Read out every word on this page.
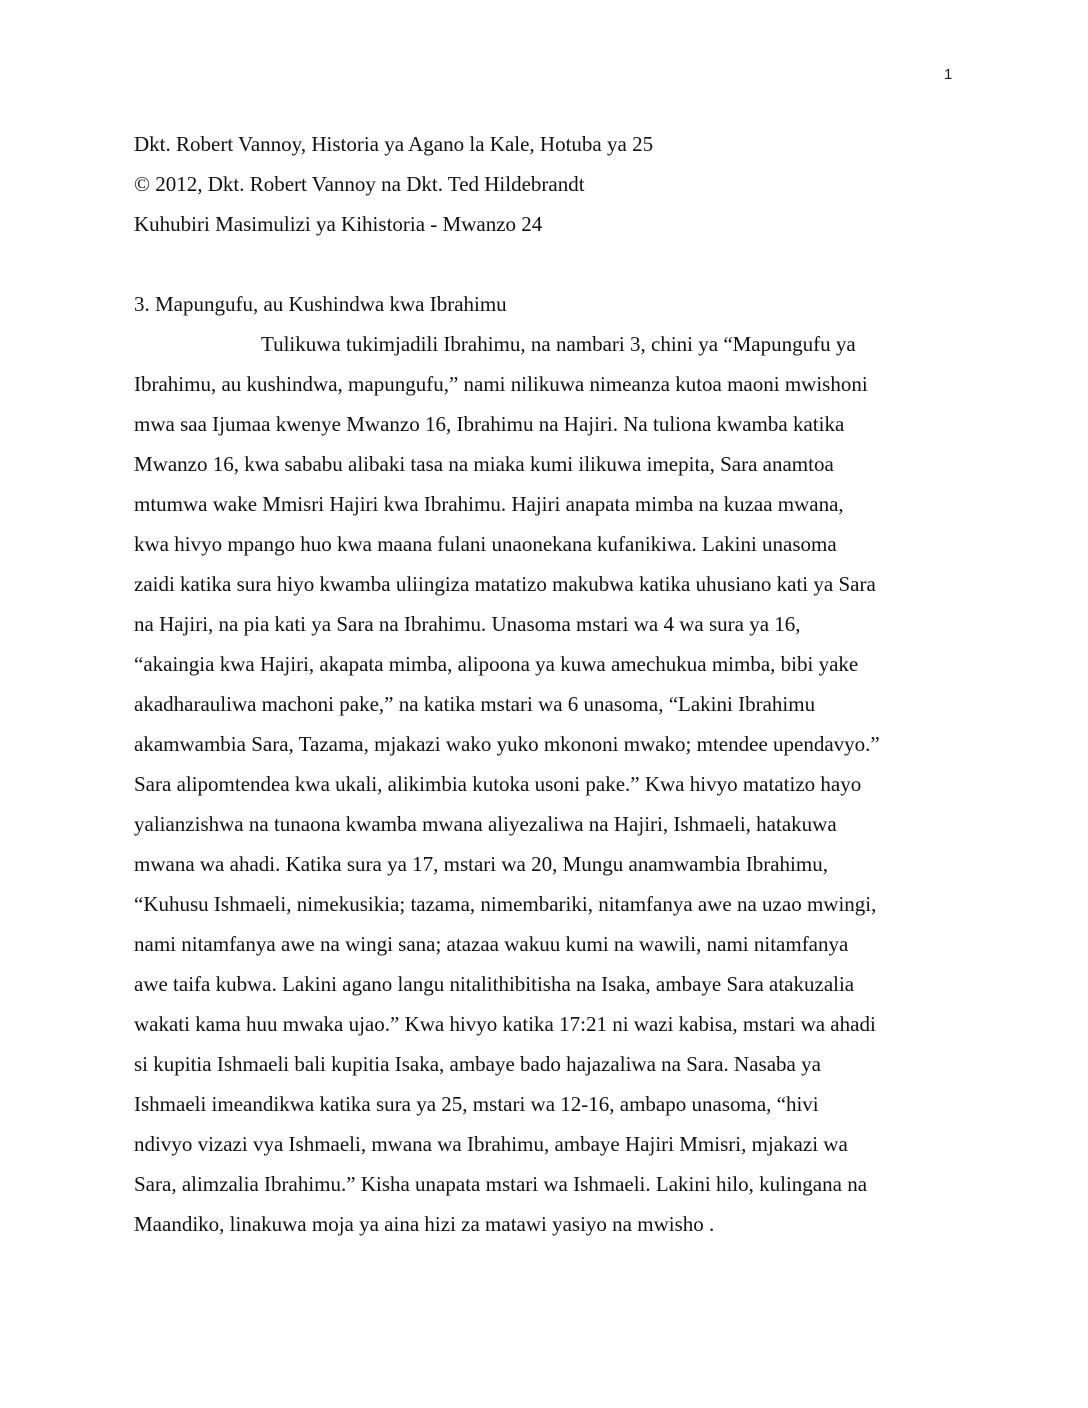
1
Dkt. Robert Vannoy, Historia ya Agano la Kale, Hotuba ya 25
© 2012, Dkt. Robert Vannoy na Dkt. Ted Hildebrandt
Kuhubiri Masimulizi ya Kihistoria - Mwanzo 24
3. Mapungufu, au Kushindwa kwa Ibrahimu
Tulikuwa tukimjadili Ibrahimu, na nambari 3, chini ya “Mapungufu ya
Ibrahimu, au kushindwa, mapungufu,” nami nilikuwa nimeanza kutoa maoni mwishoni
mwa saa Ijumaa kwenye Mwanzo 16, Ibrahimu na Hajiri. Na tuliona kwamba katika
Mwanzo 16, kwa sababu alibaki tasa na miaka kumi ilikuwa imepita, Sara anamtoa
mtumwa wake Mmisri Hajiri kwa Ibrahimu. Hajiri anapata mimba na kuzaa mwana,
kwa hivyo mpango huo kwa maana fulani unaonekana kufanikiwa. Lakini unasoma
zaidi katika sura hiyo kwamba uliingiza matatizo makubwa katika uhusiano kati ya Sara
na Hajiri, na pia kati ya Sara na Ibrahimu. Unasoma mstari wa 4 wa sura ya 16,
“akaingia kwa Hajiri, akapata mimba, alipoona ya kuwa amechukua mimba, bibi yake
akadharauliwa machoni pake,” na katika mstari wa 6 unasoma, “Lakini Ibrahimu
akamwambia Sara, Tazama, mjakazi wako yuko mkononi mwako; mtendee upendavyo.”
Sara alipomtendea kwa ukali, alikimbia kutoka usoni pake.” Kwa hivyo matatizo hayo
yalianzishwa na tunaona kwamba mwana aliyezaliwa na Hajiri, Ishmaeli, hatakuwa
mwana wa ahadi. Katika sura ya 17, mstari wa 20, Mungu anamwambia Ibrahimu,
“Kuhusu Ishmaeli, nimekusikia; tazama, nimembariki, nitamfanya awe na uzao mwingi,
nami nitamfanya awe na wingi sana; atazaa wakuu kumi na wawili, nami nitamfanya
awe taifa kubwa. Lakini agano langu nitalithibitisha na Isaka, ambaye Sara atakuzalia
wakati kama huu mwaka ujao.” Kwa hivyo katika 17:21 ni wazi kabisa, mstari wa ahadi
si kupitia Ishmaeli bali kupitia Isaka, ambaye bado hajazaliwa na Sara. Nasaba ya
Ishmaeli imeandikwa katika sura ya 25, mstari wa 12-16, ambapo unasoma, “hivi
ndivyo vizazi vya Ishmaeli, mwana wa Ibrahimu, ambaye Hajiri Mmisri, mjakazi wa
Sara, alimzalia Ibrahimu.” Kisha unapata mstari wa Ishmaeli. Lakini hilo, kulingana na
Maandiko, linakuwa moja ya aina hizi za matawi yasiyo na mwisho .
